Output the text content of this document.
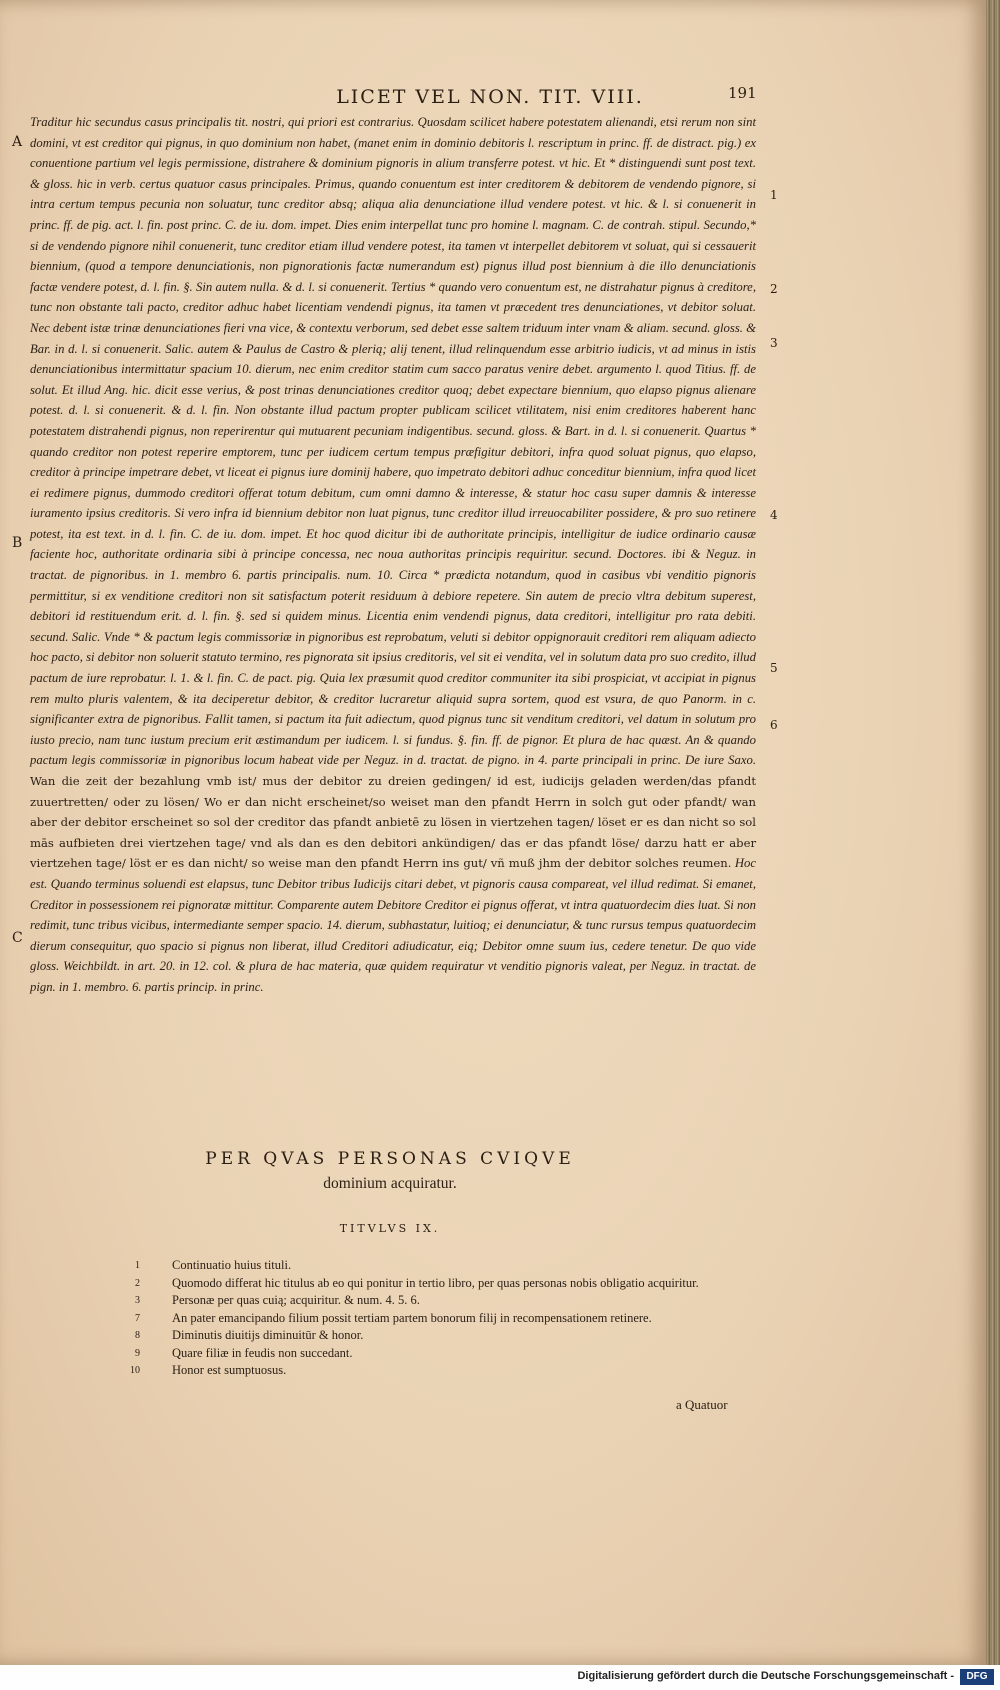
LICET VEL NON. TIT. VIII.	191
A
B
C
1
2
3
4
5
6
Traditur hic secundus casus principalis tit. nostri, qui priori est contrarius. Quosdam scilicet habere potestatem alienandi, etsi rerum non sint domini, vt est creditor qui pignus, in quo dominium non habet, (manet enim in dominio debitoris l. rescriptum in princ. ff. de distract. pig.) ex conuentione partium vel legis permissione, distrahere & dominium pignoris in alium transferre potest. vt hic. Et * distinguendi sunt post text. & gloss. hic in verb. certus quatuor casus principales. Primus, quando conuentum est inter creditorem & debitorem de vendendo pignore, si intra certum tempus pecunia non soluatur, tunc creditor absq; aliqua alia denunciatione illud vendere potest. vt hic. & l. si conuenerit in princ. ff. de pig. act. l. fin. post princ. C. de iu. dom. impet. Dies enim interpellat tunc pro homine l. magnam. C. de contrah. stipul. Secundo,* si de vendendo pignore nihil conuenerit, tunc creditor etiam illud vendere potest, ita tamen vt interpellet debitorem vt soluat, qui si cessauerit biennium, (quod a tempore denunciationis, non pignorationis factæ numerandum est) pignus illud post biennium à die illo denunciationis factæ vendere potest, d. l. fin. §. Sin autem nulla. & d. l. si conuenerit. Tertius * quando vero conuentum est, ne distrahatur pignus à creditore, tunc non obstante tali pacto, creditor adhuc habet licentiam vendendi pignus, ita tamen vt præcedent tres denunciationes, vt debitor soluat. Nec debent istæ trinæ denunciationes fieri vna vice, & contextu verborum, sed debet esse saltem triduum inter vnam & aliam. secund. gloss. & Bar. in d. l. si conuenerit. Salic. autem & Paulus de Castro & plerią; alij tenent, illud relinquendum esse arbitrio iudicis, vt ad minus in istis denunciationibus intermittatur spacium 10. dierum, nec enim creditor statim cum sacco paratus venire debet. argumento l. quod Titius. ff. de solut. Et illud Ang. hic. dicit esse verius, & post trinas denunciationes creditor quoq; debet expectare biennium, quo elapso pignus alienare potest. d. l. si conuenerit. & d. l. fin. Non obstante illud pactum propter publicam scilicet vtilitatem, nisi enim creditores haberent hanc potestatem distrahendi pignus, non reperirentur qui mutuarent pecuniam indigentibus. secund. gloss. & Bart. in d. l. si conuenerit. Quartus * quando creditor non potest reperire emptorem, tunc per iudicem certum tempus præfigitur debitori, infra quod soluat pignus, quo elapso, creditor à principe impetrare debet, vt liceat ei pignus iure dominij habere, quo impetrato debitori adhuc conceditur biennium, infra quod licet ei redimere pignus, dummodo creditori offerat totum debitum, cum omni damno & interesse, & statur hoc casu super damnis & interesse iuramento ipsius creditoris. Si vero infra id biennium debitor non luat pignus, tunc creditor illud irreuocabiliter possidere, & pro suo retinere potest, ita est text. in d. l. fin. C. de iu. dom. impet. Et hoc quod dicitur ibi de authoritate principis, intelligitur de iudice ordinario causæ faciente hoc, authoritate ordinaria sibi à principe concessa, nec noua authoritas principis requiritur. secund. Doctores. ibi & Neguz. in tractat. de pignoribus. in 1. membro 6. partis principalis. num. 10. Circa * prædicta notandum, quod in casibus vbi venditio pignoris permittitur, si ex venditione creditori non sit satisfactum poterit residuum à debiore repetere. Sin autem de precio vltra debitum superest, debitori id restituendum erit. d. l. fin. §. sed si quidem minus. Licentia enim vendendi pignus, data creditori, intelligitur pro rata debiti. secund. Salic. Vnde * & pactum legis commissoriæ in pignoribus est reprobatum, veluti si debitor oppignorauit creditori rem aliquam adiecto hoc pacto, si debitor non soluerit statuto termino, res pignorata sit ipsius creditoris, vel sit ei vendita, vel in solutum data pro suo credito, illud pactum de iure reprobatur. l. 1. & l. fin. C. de pact. pig. Quia lex præsumit quod creditor communiter ita sibi prospiciat, vt accipiat in pignus rem multo pluris valentem, & ita deciperetur debitor, & creditor lucraretur aliquid supra sortem, quod est vsura, de quo Panorm. in c. significanter extra de pignoribus. Fallit tamen, si pactum ita fuit adiectum, quod pignus tunc sit venditum creditori, vel datum in solutum pro iusto precio, nam tunc iustum precium erit æstimandum per iudicem. l. si fundus. §. fin. ff. de pignor. Et plura de hac quæst. An & quando pactum legis commissoriæ in pignoribus locum habeat vide per Neguz. in d. tractat. de pigno. in 4. parte principali in princ. De iure Saxo. Wan die zeit der bezahlung vmb ist/ mus der debitor zu dreien gedingen/ id est, iudicijs geladen werden/das pfandt zuuertretten/ oder zu lösen/ Wo er dan nicht erscheinet/so weiset man den pfandt Herrn in solch gut oder pfandt/ wan aber der debitor erscheinet so sol der creditor das pfandt anbietē zu lösen in viertzehen tagen/ löset er es dan nicht so sol mās aufbieten drei viertzehen tage/ vnd als dan es den debitori ankündigen/ das er das pfandt löse/ darzu hatt er aber viertzehen tage/ löst er es dan nicht/ so weise man den pfandt Herrn ins gut/ vñ muß jhm der debitor solches reumen. Hoc est. Quando terminus soluendi est elapsus, tunc Debitor tribus Iudicijs citari debet, vt pignoris causa compareat, vel illud redimat. Si emanet, Creditor in possessionem rei pignoratæ mittitur. Comparente autem Debitore Creditor ei pignus offerat, vt intra quatuordecim dies luat. Si non redimit, tunc tribus vicibus, intermediante semper spacio. 14. dierum, subhastatur, luitioą; ei denunciatur, & tunc rursus tempus quatuordecim dierum consequitur, quo spacio si pignus non liberat, illud Creditori adiudicatur, eią; Debitor omne suum ius, cedere tenetur. De quo vide gloss. Weichbildt. in art. 20. in 12. col. & plura de hac materia, quæ quidem requiratur vt venditio pignoris valeat, per Neguz. in tractat. de pign. in 1. membro. 6. partis princip. in princ.
PER QVAS PERSONAS CVIQVE
dominium acquiratur.
TITVLVS IX.
1	Continuatio huius tituli.
2	Quomodo differat hic titulus ab eo qui ponitur in tertio libro, per quas personas nobis obligatio acquiritur.
3	Personæ per quas cuią; acquiritur. & num. 4. 5. 6.
7	An pater emancipando filium possit tertiam partem bonorum filij in recompensationem retinere.
8	Diminutis diuitijs diminuitūr & honor.
9	Quare filiæ in feudis non succedant.
10	Honor est sumptuosus.
a Quatuor
Digitalisierung gefördert durch die Deutsche Forschungsgemeinschaft -	DFG
